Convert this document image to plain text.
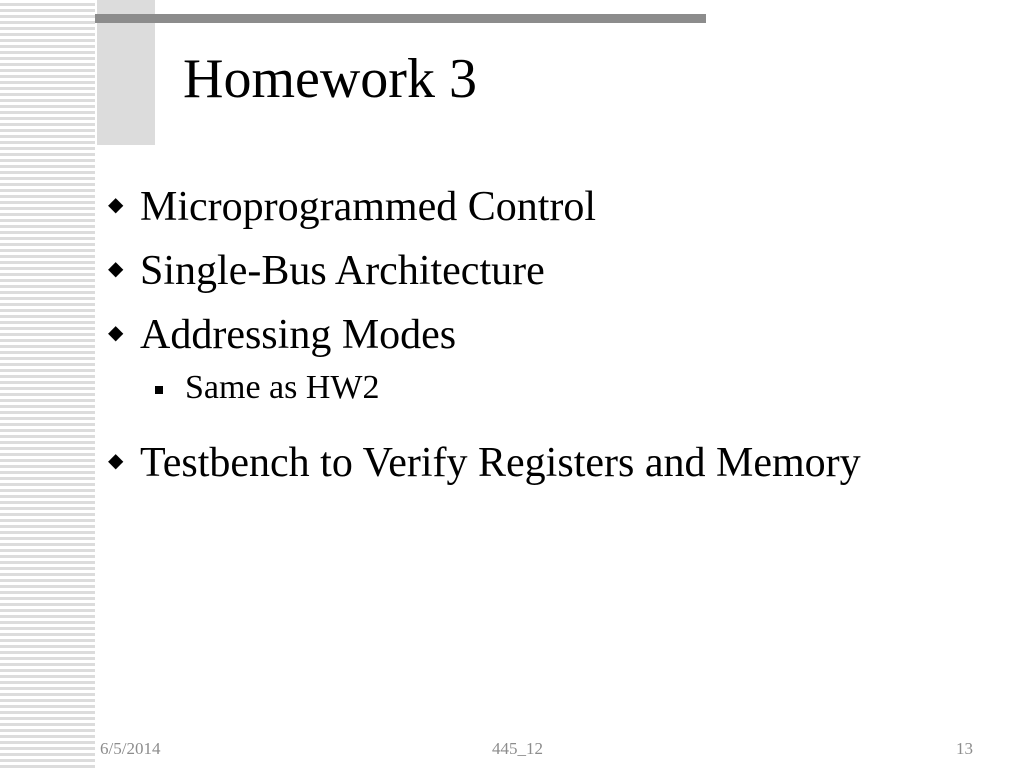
Homework 3
◆ Microprogrammed Control
◆ Single-Bus Architecture
◆ Addressing Modes
Same as HW2
◆ Testbench to Verify Registers and Memory
6/5/2014	445_12	13
